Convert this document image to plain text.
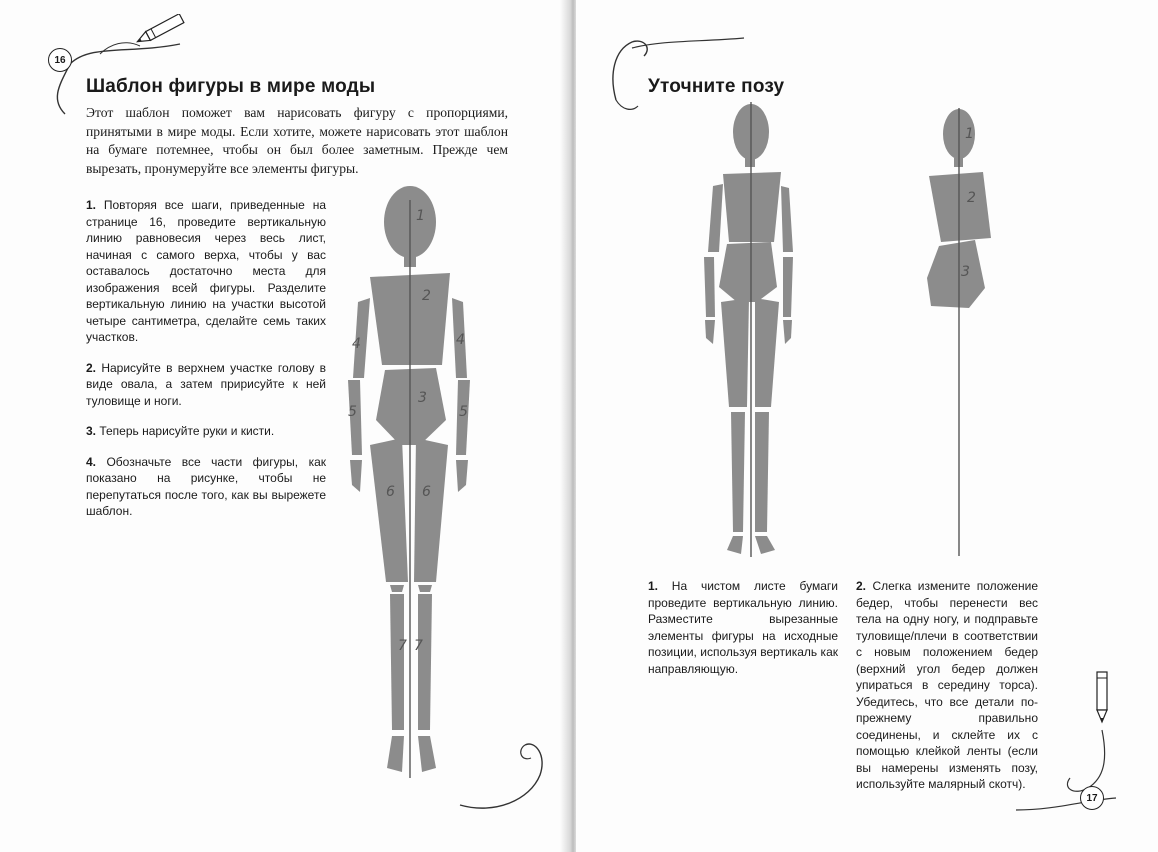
16
Шаблон фигуры в мире моды

Этот шаблон поможет вам нарисовать фигуру с пропорциями, принятыми в мире моды. Если хотите, можете нарисовать этот шаблон на бумаге потемнее, чтобы он был более заметным. Прежде чем вырезать, пронумеруйте все элементы фигуры.

1. Повторяя все шаги, приведенные на странице 16, проведите вертикальную линию равновесия через весь лист, начиная с самого верха, чтобы у вас оставалось достаточно места для изображения всей фигуры. Разделите вертикальную линию на участки высотой четыре сантиметра, сделайте семь таких участков.

2. Нарисуйте в верхнем участке голову в виде овала, а затем пририсуйте к ней туловище и ноги.

3. Теперь нарисуйте руки и кисти.

4. Обозначьте все части фигуры, как показано на рисунке, чтобы не перепутаться после того, как вы вырежете шаблон.

1
2
3
4	4
5	5
6 6
7 7
Уточните позу
1
2
3

1. На чистом листе бумаги проведите вертикальную линию. Разместите вырезанные элементы фигуры на исходные позиции, используя вертикаль как направляющую.

2. Слегка измените положение бедер, чтобы перенести вес тела на одну ногу, и подправьте туловище/плечи в соответствии с новым положением бедер (верхний угол бедер должен упираться в середину торса). Убедитесь, что все детали по-прежнему правильно соединены, и склейте их с помощью клейкой ленты (если вы намерены изменять позу, используйте малярный скотч).

17
